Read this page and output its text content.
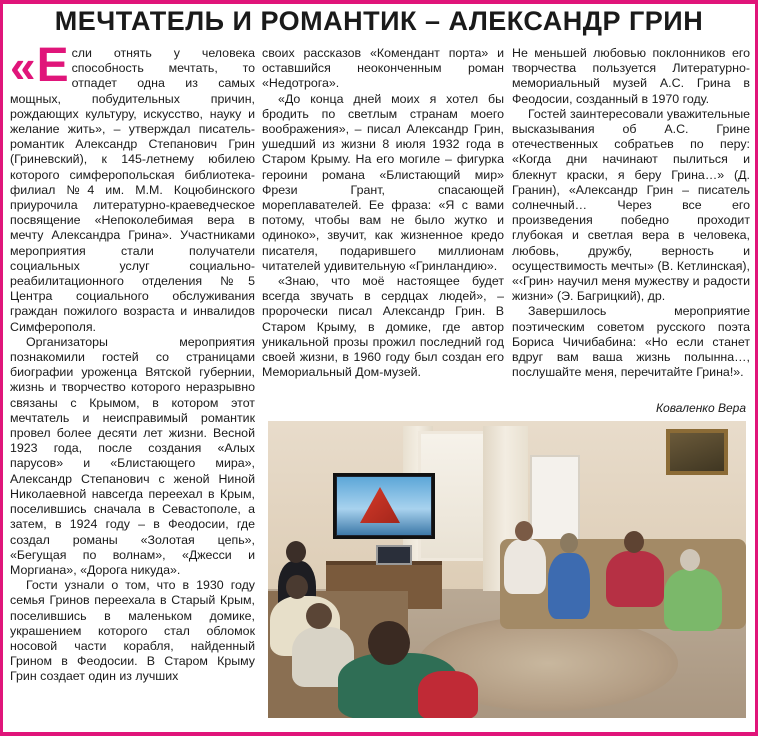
МЕЧТАТЕЛЬ И РОМАНТИК – АЛЕКСАНДР ГРИН

« Е сли отнять у человека способность мечтать, то отпадет одна из самых мощных, побудительных причин, рождающих культуру, искусство, науку и желание жить», – утверждал писатель-романтик Александр Степанович Грин (Гриневский), к 145-летнему юбилею которого симферопольская библиотека-филиал №4 им. М.М. Коцюбинского приурочила литературно-краеведческое посвящение «Непоколебимая вера в мечту Александра Грина». Участниками мероприятия стали получатели социальных услуг социально-реабилитационного отделения №5 Центра социального обслуживания граждан пожилого возраста и инвалидов Симферополя.

Организаторы мероприятия познакомили гостей со страницами биографии уроженца Вятской губернии, жизнь и творчество которого неразрывно связаны с Крымом, в котором этот мечтатель и неисправимый романтик провел более десяти лет жизни. Весной 1923 года, после создания «Алых парусов» и «Блистающего мира», Александр Степанович с женой Ниной Николаевной навсегда переехал в Крым, поселившись сначала в Севастополе, а затем, в 1924 году – в Феодосии, где создал романы «Золотая цепь», «Бегущая по волнам», «Джесси и Моргиана», «Дорога никуда».

Гости узнали о том, что в 1930 году семья Гринов переехала в Старый Крым, поселившись в маленьком домике, украшением которого стал обломок носовой части корабля, найденный Грином в Феодосии. В Старом Крыму Грин создает один из лучших

своих рассказов «Комендант порта» и оставшийся неоконченным роман «Недотрога».

«До конца дней моих я хотел бы бродить по светлым странам моего воображения», – писал Александр Грин, ушедший из жизни 8 июля 1932 года в Старом Крыму. На его могиле – фигурка героини романа «Блистающий мир» Фрези Грант, спасающей мореплавателей. Ее фраза: «Я с вами потому, чтобы вам не было жутко и одиноко», звучит, как жизненное кредо писателя, подарившего миллионам читателей удивительную «Гринландию».

«Знаю, что моё настоящее будет всегда звучать в сердцах людей», – пророчески писал Александр Грин. В Старом Крыму, в домике, где автор уникальной прозы прожил последний год своей жизни, в 1960 году был создан его Мемориальный Дом-музей.

Не меньшей любовью поклонников его творчества пользуется Литературно-мемориальный музей А.С. Грина в Феодосии, созданный в 1970 году.

Гостей заинтересовали уважительные высказывания об А.С. Грине отечественных собратьев по перу: «Когда дни начинают пылиться и блекнут краски, я беру Грина…» (Д. Гранин), «Александр Грин – писатель солнечный… Через все его произведения победно проходит глубокая и светлая вера в человека, любовь, дружбу, верность и осуществимость мечты» (В. Кетлинская), «‹Грин› научил меня мужеству и радости жизни» (Э. Багрицкий), др.

Завершилось мероприятие поэтическим советом русского поэта Бориса Чичибабина: «Но если станет вдруг вам ваша жизнь полынна…, послушайте меня, перечитайте Грина!».

Коваленко Вера
